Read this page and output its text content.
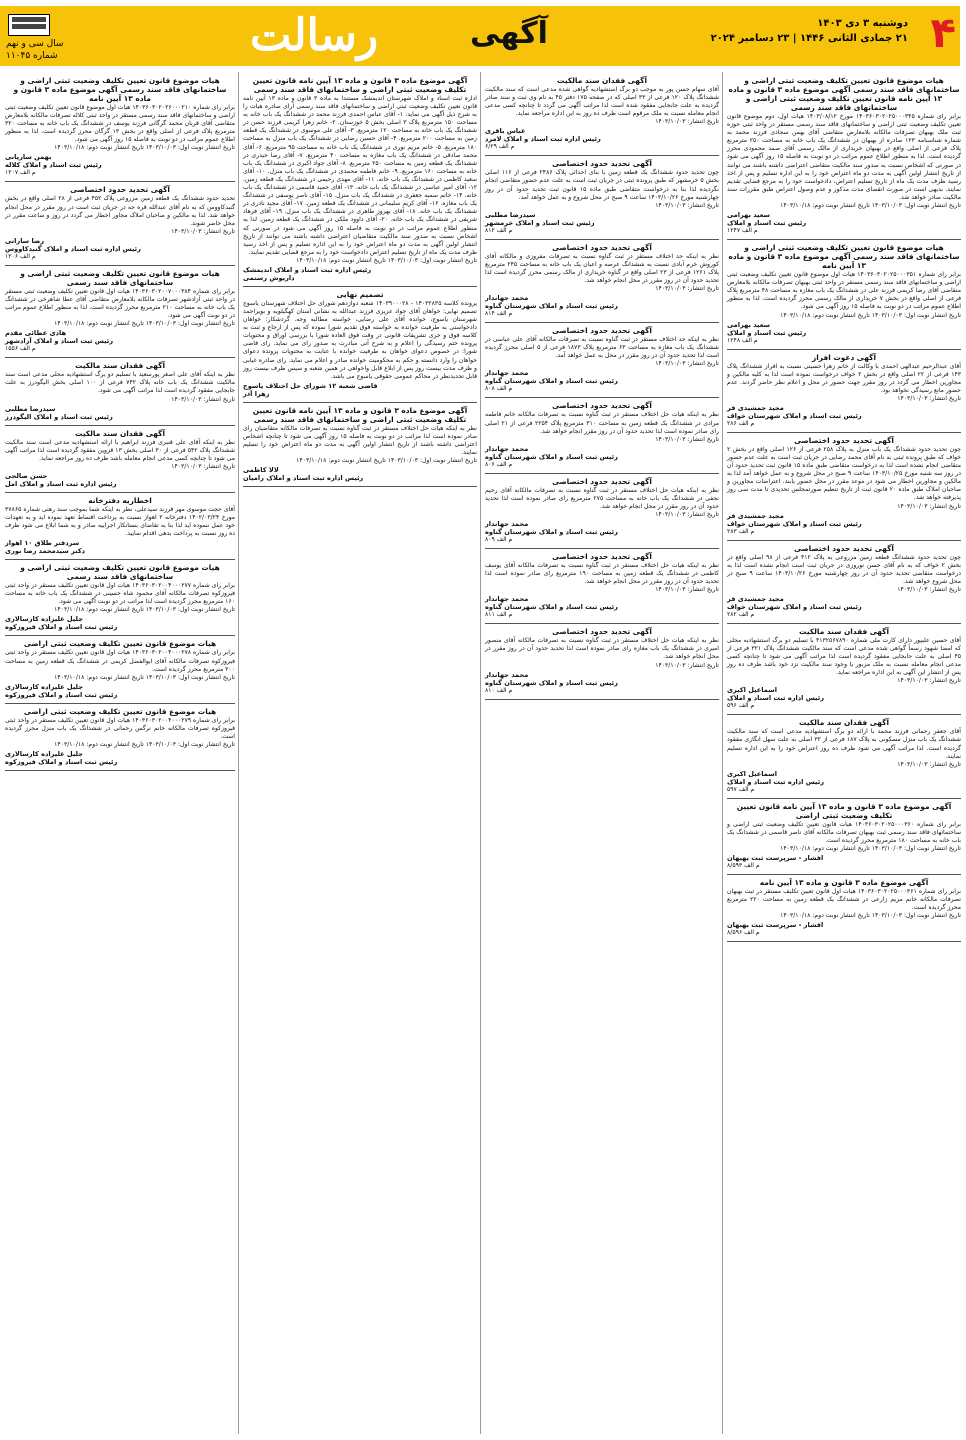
۴
دوشنبه ۳ دی ۱۴۰۳
۲۱ جمادی الثانی ۱۴۴۶ | ۲۳ دسامبر ۲۰۲۴
آگهی
رسالت
سال سی و نهم
شماره ۱۱۰۴۵
هیات موضوع قانون تعیین تکلیف وضعیت ثبتی اراضی و ساختمانهای فاقد سند رسمی آگهی موضوع ماده ۳ قانون و ماده ۱۳ آیین نامه قانون تعیین تکلیف وضعیت ثبتی اراضی و ساختمانهای فاقد سند رسمی
برابر رای شماره ۱۴۰۳۶۰۳۰۲۰۲۵۰۰۰۳۴۵ مورخ ۱۴۰۳/۰۸/۱۲ هیات اول، دوم موضوع قانون تعیین تکلیف وضعیت ثبتی اراضی و ساختمانهای فاقد سند رسمی مستقر در واحد ثبتی حوزه ثبت ملک بهبهان تصرفات مالکانه بلامعارض متقاضی آقای بهمن سجادی فرزند محمد به شماره شناسنامه ۱۲۳ صادره از بهبهان در ششدانگ یک باب خانه به مساحت ۲۵۰ مترمربع پلاک فرعی از اصلی واقع در بهبهان خریداری از مالک رسمی آقای صمد محمودی محرز گردیده است. لذا به منظور اطلاع عموم مراتب در دو نوبت به فاصله ۱۵ روز آگهی می شود در صورتی که اشخاص نسبت به صدور سند مالکیت متقاضی اعتراضی داشته باشند می توانند از تاریخ انتشار اولین آگهی به مدت دو ماه اعتراض خود را به این اداره تسلیم و پس از اخذ رسید ظرف مدت یک ماه از تاریخ تسلیم اعتراض، دادخواست خود را به مرجع قضایی تقدیم نمایند. بدیهی است در صورت انقضای مدت مذکور و عدم وصول اعتراض طبق مقررات سند مالکیت صادر خواهد شد.
تاریخ انتشار نوبت اول: ۱۴۰۳/۱۰/۰۳ تاریخ انتشار نوبت دوم: ۱۴۰۳/۱۰/۱۸
سعید بهرامی
رئیس ثبت اسناد و املاک
م الف ۱۲۴۷
هیات موضوع قانون تعیین تکلیف وضعیت ثبتی اراضی و ساختمانهای فاقد سند رسمی آگهی موضوع ماده ۳ قانون و ماده ۱۳ آیین نامه
برابر رای شماره ۱۴۰۳۶۰۳۰۲۰۲۵۰۰۰۳۵۱ هیات اول موضوع قانون تعیین تکلیف وضعیت ثبتی اراضی و ساختمانهای فاقد سند رسمی مستقر در واحد ثبتی بهبهان تصرفات مالکانه بلامعارض متقاضی آقای رضا کریمی فرزند علی در ششدانگ یک باب مغازه به مساحت ۴۸ مترمربع پلاک فرعی از اصلی واقع در بخش ۷ خریداری از مالک رسمی محرز گردیده است. لذا به منظور اطلاع عموم مراتب در دو نوبت به فاصله ۱۵ روز آگهی می شود.
تاریخ انتشار نوبت اول: ۱۴۰۳/۱۰/۰۳ تاریخ انتشار نوبت دوم: ۱۴۰۳/۱۰/۱۸
سعید بهرامی
رئیس ثبت اسناد و املاک
م الف ۱۲۴۸
آگهی دعوت افراز
آقای عبدالرحیم عبدالهی احمدی با وکالت از خانم زهرا حسینی نسبت به افراز ششدانگ پلاک ۱۴۳ فرعی از ۲۲ اصلی واقع در بخش ۲ خواف درخواست نموده است لذا به کلیه مالکین و مجاورین اخطار می گردد در روز مقرر جهت حضور در محل و اعلام نظر حاضر گردند. عدم حضور مانع رسیدگی نخواهد بود.
تاریخ انتشار: ۱۴۰۳/۱۰/۰۳
مجید جمشیدی فر
رئیس ثبت اسناد و املاک شهرستان خواف
م الف ۲۸۶
آگهی تحدید حدود اختصاصی
چون تحدید حدود ششدانگ یک باب منزل به پلاک ۲۵۸ فرعی از ۱۲۶ اصلی واقع در بخش ۲ خواف که طبق پرونده ثبتی به نام آقای محمد رضایی در جریان ثبت است به علت عدم حضور متقاضی انجام نشده است لذا به درخواست متقاضی طبق ماده ۱۵ قانون ثبت تحدید حدود آن در روز سه شنبه مورخ ۱۴۰۳/۱۰/۲۵ ساعت ۹ صبح در محل شروع و به عمل خواهد آمد لذا به مالکین و مجاورین اخطار می شود در موعد مقرر در محل حضور یابند. اعتراضات مجاورین و صاحبان املاک طبق ماده ۲۰ قانون ثبت از تاریخ تنظیم صورتمجلس تحدیدی تا مدت سی روز پذیرفته خواهد شد.
تاریخ انتشار: ۱۴۰۳/۱۰/۰۳
مجید جمشیدی فر
رئیس ثبت اسناد و املاک شهرستان خواف
م الف ۲۸۳
آگهی تحدید حدود اختصاصی
چون تحدید حدود ششدانگ قطعه زمین مزروعی به پلاک ۴۱۲ فرعی از ۹۸ اصلی واقع در بخش ۲ خواف که به نام آقای حسن نوروزی در جریان ثبت است انجام نشده است لذا به درخواست متقاضی تحدید حدود آن در روز چهارشنبه مورخ ۱۴۰۳/۱۰/۲۶ ساعت ۹ صبح در محل شروع خواهد شد.
تاریخ انتشار: ۱۴۰۳/۱۰/۰۳
مجید جمشیدی فر
رئیس ثبت اسناد و املاک شهرستان خواف
م الف ۲۸۲
آگهی فقدان سند مالکیت
آقای حسین علیپور دارای کارت ملی شماره ۴۱۳۲۵۶۷۸۹۰ با تسلیم دو برگ استشهادیه محلی که امضا شهود رسماً گواهی شده مدعی است که سند مالکیت ششدانگ پلاک ۳۲۱ فرعی از ۴۵ اصلی به علت جابجایی مفقود گردیده است لذا مراتب آگهی می شود تا چنانچه کسی مدعی انجام معامله نسبت به ملک مزبور یا وجود سند مالکیت نزد خود باشد ظرف ده روز پس از انتشار این آگهی به این اداره مراجعه نماید.
تاریخ انتشار: ۱۴۰۳/۱۰/۰۳
اسماعیل اکبری
رئیس اداره ثبت اسناد و املاک
م الف ۵۹۶
آگهی فقدان سند مالکیت
آقای جعفر رحمانی فرزند محمد با ارائه دو برگ استشهادیه مدعی است که سند مالکیت ششدانگ یک باب منزل مسکونی به پلاک ۱۸۷ فرعی از ۳۲ اصلی به علت سهل انگاری مفقود گردیده است. لذا مراتب آگهی می شود ظرف ده روز اعتراض خود را به این اداره تسلیم نمایند.
تاریخ انتشار: ۱۴۰۳/۱۰/۰۳
اسماعیل اکبری
رئیس اداره ثبت اسناد و املاک
م الف ۵۹۷
آگهی موضوع ماده ۳ قانون و ماده ۱۳ آیین نامه قانون تعیین تکلیف وضعیت ثبتی اراضی
برابر رای شماره ۱۴۰۳۶۰۳۰۲۰۲۵۰۰۰۳۶۰ هیات قانون تعیین تکلیف وضعیت ثبتی اراضی و ساختمانهای فاقد سند رسمی ثبت بهبهان تصرفات مالکانه آقای ناصر قاسمی در ششدانگ یک باب خانه به مساحت ۱۸۰ مترمربع محرز گردیده است.
تاریخ انتشار نوبت اول: ۱۴۰۳/۱۰/۰۳ تاریخ انتشار نوبت دوم: ۱۴۰۳/۱۰/۱۸
افشار - سرپرست ثبت بهبهان
م الف ۸/۵۹۳
آگهی موضوع ماده ۳ قانون و ماده ۱۳ آیین نامه
برابر رای شماره ۱۴۰۳۶۰۳۰۲۰۲۵۰۰۰۳۶۱ هیات اول قانون تعیین تکلیف مستقر در ثبت بهبهان تصرفات مالکانه خانم مریم زارعی در ششدانگ یک قطعه زمین به مساحت ۲۲۰ مترمربع محرز گردیده است.
تاریخ انتشار نوبت اول: ۱۴۰۳/۱۰/۰۳ تاریخ انتشار نوبت دوم: ۱۴۰۳/۱۰/۱۸
افشار - سرپرست ثبت بهبهان
م الف ۸/۵۹۶
آگهی فقدان سند مالکیت
آقای سهام حسن پور به موجب دو برگ استشهادیه گواهی شده مدعی است که سند مالکیت ششدانگ پلاک ۱۲۰ فرعی از ۳۳ اصلی که در صفحه ۱۷۵ دفتر ۴۵ به نام وی ثبت و سند صادر گردیده به علت جابجایی مفقود شده است لذا مراتب آگهی می گردد تا چنانچه کسی مدعی انجام معامله نسبت به ملک مرقوم است ظرف ده روز به این اداره مراجعه نماید.
تاریخ انتشار: ۱۴۰۳/۱۰/۰۳
عباس باقری
رئیس اداره ثبت اسناد و املاک لامرد
م الف ۶/۲۹
آگهی تحدید حدود اختصاصی
چون تحدید حدود ششدانگ یک قطعه زمین با بنای احداثی پلاک ۲۴۸۶ فرعی از ۱۱۶ اصلی بخش ۵ خرمشهر که طبق پرونده ثبتی در جریان ثبت است به علت عدم حضور متقاضی انجام نگردیده لذا بنا به درخواست متقاضی طبق ماده ۱۵ قانون ثبت تحدید حدود آن در روز چهارشنبه مورخ ۱۴۰۳/۱۰/۲۶ ساعت ۹ صبح در محل شروع و به عمل خواهد آمد.
تاریخ انتشار: ۱۴۰۳/۱۰/۰۳
سیدرضا مطلبی
رئیس ثبت اسناد و املاک خرمشهر
م الف ۸۱۲
آگهی تحدید حدود اختصاصی
نظر به اینکه حد اختلاف مستقر در ثبت گناوه نسبت به تصرفات مفروزی و مالکانه آقای کوروش خرم آبادی نسبت به ششدانگ عرصه و اعیان یک باب خانه به مساحت ۲۴۵ مترمربع پلاک ۱۲۶۱ فرعی از ۲۳ اصلی واقع در گناوه خریداری از مالک رسمی محرز گردیده است لذا تحدید حدود آن در روز مقرر در محل انجام خواهد شد.
تاریخ انتشار: ۱۴۰۳/۱۰/۰۳
محمد جهاندار
رئیس ثبت اسناد و املاک شهرستان گناوه
م الف ۸۱۴
آگهی تحدید حدود اختصاصی
نظر به اینکه حد اختلاف مستقر در ثبت گناوه نسبت به تصرفات مالکانه آقای علی عباسی در ششدانگ یک باب مغازه به مساحت ۶۳ مترمربع پلاک ۱۸۷۳ فرعی از ۵ اصلی محرز گردیده است لذا تحدید حدود آن در روز مقرر در محل به عمل خواهد آمد.
تاریخ انتشار: ۱۴۰۳/۱۰/۰۳
محمد جهاندار
رئیس ثبت اسناد و املاک شهرستان گناوه
م الف ۸۰۸
آگهی تحدید حدود اختصاصی
نظر به اینکه هیات حل اختلاف مستقر در ثبت گناوه نسبت به تصرفات مالکانه خانم فاطمه مرادی در ششدانگ یک قطعه زمین به مساحت ۳۱۰ مترمربع پلاک ۲۲۵۴ فرعی از ۲۱ اصلی رای صادر نموده است لذا تحدید حدود آن در روز مقرر انجام خواهد شد.
تاریخ انتشار: ۱۴۰۳/۱۰/۰۳
محمد جهاندار
رئیس ثبت اسناد و املاک شهرستان گناوه
م الف ۸۰۶
آگهی تحدید حدود اختصاصی
نظر به اینکه هیات حل اختلاف مستقر در ثبت گناوه نسبت به تصرفات مالکانه آقای رحیم نجفی در ششدانگ یک باب خانه به مساحت ۲۷۵ مترمربع رای صادر نموده است لذا تحدید حدود آن در روز مقرر در محل انجام خواهد شد.
تاریخ انتشار: ۱۴۰۳/۱۰/۰۳
محمد جهاندار
رئیس ثبت اسناد و املاک شهرستان گناوه
م الف ۸۰۹
آگهی تحدید حدود اختصاصی
نظر به اینکه هیات حل اختلاف مستقر در ثبت گناوه نسبت به تصرفات مالکانه آقای یوسف کاظمی در ششدانگ یک قطعه زمین به مساحت ۱۹۰ مترمربع رای صادر نموده است لذا تحدید حدود آن در روز مقرر در محل انجام خواهد شد.
تاریخ انتشار: ۱۴۰۳/۱۰/۰۳
محمد جهاندار
رئیس ثبت اسناد و املاک شهرستان گناوه
م الف ۸۱۱
آگهی تحدید حدود اختصاصی
نظر به اینکه هیات حل اختلاف مستقر در ثبت گناوه نسبت به تصرفات مالکانه آقای منصور امیری در ششدانگ یک باب مغازه رای صادر نموده است لذا تحدید حدود آن در روز مقرر در محل انجام خواهد شد.
تاریخ انتشار: ۱۴۰۳/۱۰/۰۳
محمد جهاندار
رئیس ثبت اسناد و املاک شهرستان گناوه
م الف ۸۱۰
آگهی موضوع ماده ۳ قانون و ماده ۱۳ آیین نامه قانون تعیین تکلیف وضعیت ثبتی اراضی و ساختمانهای فاقد سند رسمی
اداره ثبت اسناد و املاک شهرستان اندیمشک مستندا به ماده ۳ قانون و ماده ۱۳ آیین نامه قانون تعیین تکلیف وضعیت ثبتی اراضی و ساختمانهای فاقد سند رسمی آرای صادره هیات را به شرح ذیل آگهی می نماید: ۱- آقای عباس احمدی فرزند محمد در ششدانگ یک باب خانه به مساحت ۱۵۰ مترمربع پلاک ۳ اصلی بخش ۵ خوزستان. ۲- خانم زهرا کریمی فرزند حسن در ششدانگ یک باب خانه به مساحت ۱۲۰ مترمربع. ۳- آقای علی موسوی در ششدانگ یک قطعه زمین به مساحت ۲۰۰ مترمربع. ۴- آقای حسین رضایی در ششدانگ یک باب منزل به مساحت ۱۸۰ مترمربع. ۵- خانم مریم نوری در ششدانگ یک باب خانه به مساحت ۹۵ مترمربع. ۶- آقای محمد صادقی در ششدانگ یک باب مغازه به مساحت ۴۰ مترمربع. ۷- آقای رضا حیدری در ششدانگ یک قطعه زمین به مساحت ۲۵۰ مترمربع. ۸- آقای جواد اکبری در ششدانگ یک باب خانه به مساحت ۱۶۰ مترمربع. ۹- خانم فاطمه محمدی در ششدانگ یک باب منزل. ۱۰- آقای سعید کاظمی در ششدانگ یک باب خانه. ۱۱- آقای مهدی رحیمی در ششدانگ یک قطعه زمین. ۱۲- آقای امیر عباسی در ششدانگ یک باب خانه. ۱۳- آقای حمید قاسمی در ششدانگ یک باب خانه. ۱۴- خانم سمیه جعفری در ششدانگ یک باب منزل. ۱۵- آقای ناصر یوسفی در ششدانگ یک باب مغازه. ۱۶- آقای کریم سلیمانی در ششدانگ یک قطعه زمین. ۱۷- آقای مجید نادری در ششدانگ یک باب خانه. ۱۸- آقای بهروز طاهری در ششدانگ یک باب منزل. ۱۹- آقای فرهاد شریفی در ششدانگ یک باب خانه. ۲۰- آقای داوود ملکی در ششدانگ یک قطعه زمین. لذا به منظور اطلاع عموم مراتب در دو نوبت به فاصله ۱۵ روز آگهی می شود در صورتی که اشخاص نسبت به صدور سند مالکیت متقاضیان اعتراضی داشته باشند می توانند از تاریخ انتشار اولین آگهی به مدت دو ماه اعتراض خود را به این اداره تسلیم و پس از اخذ رسید ظرف مدت یک ماه از تاریخ تسلیم اعتراض دادخواست خود را به مرجع قضایی تقدیم نمایند.
تاریخ انتشار نوبت اول: ۱۴۰۳/۱۰/۰۳ تاریخ انتشار نوبت دوم: ۱۴۰۳/۱۰/۱۸
رئیس اداره ثبت اسناد و املاک اندیمشک
داریوش رستمی
تصمیم نهایی
پرونده کلاسه ۱۴۰۳۲۸۳۵ - ۱۴۰۳۹۰۰۰۲۸ شعبه دوازدهم شورای حل اختلاف شهرستان یاسوج تصمیم نهایی: خواهان آقای جواد عزیزی فرزند عبدالله به نشانی استان کهگیلویه و بویراحمد شهرستان یاسوج، خوانده آقای علی رضایی، خواسته مطالبه وجه. گردشکار: خواهان دادخواستی به طرفیت خوانده به خواسته فوق تقدیم شورا نموده که پس از ارجاع و ثبت به کلاسه فوق و جری تشریفات قانونی در وقت فوق العاده شورا با بررسی اوراق و محتویات پرونده ختم رسیدگی را اعلام و به شرح آتی مبادرت به صدور رای می نماید. رای قاضی شورا: در خصوص دعوای خواهان به طرفیت خوانده با عنایت به محتویات پرونده دعوای خواهان را وارد دانسته و حکم به محکومیت خوانده صادر و اعلام می نماید. رای صادره غیابی و ظرف مدت بیست روز پس از ابلاغ قابل واخواهی در همین شعبه و سپس ظرف بیست روز قابل تجدیدنظر در محاکم عمومی حقوقی یاسوج می باشد.
قاضی شعبه ۱۲ شورای حل اختلاف یاسوج
زهرا آذر
آگهی موضوع ماده ۳ قانون و ماده ۱۳ آیین نامه قانون تعیین تکلیف وضعیت ثبتی اراضی و ساختمانهای فاقد سند رسمی
نظر به اینکه هیات حل اختلاف مستقر در ثبت گناوه نسبت به تصرفات مالکانه متقاضیان رای صادر نموده است لذا مراتب در دو نوبت به فاصله ۱۵ روز آگهی می شود تا چنانچه اشخاص اعتراضی داشته باشند از تاریخ انتشار اولین آگهی به مدت دو ماه اعتراض خود را تسلیم نمایند.
تاریخ انتشار نوبت اول: ۱۴۰۳/۱۰/۰۳ تاریخ انتشار نوبت دوم: ۱۴۰۳/۱۰/۱۸
لالا کاظمی
رئیس اداره ثبت اسناد و املاک رامیان
هیات موضوع قانون تعیین تکلیف وضعیت ثبتی اراضی و ساختمانهای فاقد سند رسمی آگهی موضوع ماده ۳ قانون و ماده ۱۳ آیین نامه
برابر رای شماره ۱۴۰۳۶۰۳۰۲۰۲۶۰۰۰۲۱۰ هیات اول موضوع قانون تعیین تکلیف وضعیت ثبتی اراضی و ساختمانهای فاقد سند رسمی مستقر در واحد ثبتی کلاله تصرفات مالکانه بلامعارض متقاضی آقای قربان محمد گرگانی فرزند یوسف در ششدانگ یک باب خانه به مساحت ۳۲۰ مترمربع پلاک فرعی از اصلی واقع در بخش ۱۳ گرگان محرز گردیده است. لذا به منظور اطلاع عموم مراتب در دو نوبت به فاصله ۱۵ روز آگهی می شود.
تاریخ انتشار نوبت اول: ۱۴۰۳/۱۰/۰۳ تاریخ انتشار نوبت دوم: ۱۴۰۳/۱۰/۱۸
بهمن ساریانی
رئیس ثبت اسناد و املاک کلاله
م الف ۱۲۰۷
آگهی تحدید حدود اختصاصی
تحدید حدود ششدانگ یک قطعه زمین مزروعی پلاک ۴۵۲ فرعی از ۲۸ اصلی واقع در بخش گنبدکاووس که به نام آقای عبدالله قره جه در جریان ثبت است در روز مقرر در محل انجام خواهد شد. لذا به مالکین و صاحبان املاک مجاور اخطار می گردد در روز و ساعت مقرر در محل حاضر شوند.
تاریخ انتشار: ۱۴۰۳/۱۰/۰۳
رضا سارانی
رئیس اداره ثبت اسناد و املاک گنبدکاووس
م الف ۱۲۰۶
هیات موضوع قانون تعیین تکلیف وضعیت ثبتی اراضی و ساختمانهای فاقد سند رسمی
برابر رای شماره ۱۴۰۳۶۰۳۰۲۰۰۷۰۰۰۳۸۴ هیات اول قانون تعیین تکلیف وضعیت ثبتی مستقر در واحد ثبتی آزادشهر تصرفات مالکانه بلامعارض متقاضی آقای عطا شاهرخی در ششدانگ یک باب خانه به مساحت ۲۱۰ مترمربع محرز گردیده است. لذا به منظور اطلاع عموم مراتب در دو نوبت آگهی می شود.
تاریخ انتشار نوبت اول: ۱۴۰۳/۱۰/۰۳ تاریخ انتشار نوبت دوم: ۱۴۰۳/۱۰/۱۸
هادی عطائی مقدم
رئیس ثبت اسناد و املاک آزادشهر
م الف ۱۵۵۶
آگهی فقدان سند مالکیت
نظر به اینکه آقای علی اصغر پورسعید با تسلیم دو برگ استشهادیه محلی مدعی است سند مالکیت ششدانگ یک باب خانه پلاک ۷۴۲ فرعی از ۱۰۰ اصلی بخش الیگودرز به علت جابجایی مفقود گردیده است لذا مراتب آگهی می شود.
تاریخ انتشار: ۱۴۰۳/۱۰/۰۳
سیدرضا مطلبی
رئیس ثبت اسناد و املاک الیگودرز
آگهی فقدان سند مالکیت
نظر به اینکه آقای علی قنبری فرزند ابراهیم با ارائه استشهادیه مدعی است سند مالکیت ششدانگ پلاک ۵۴۲ فرعی از ۳۰ اصلی بخش ۱۳ قزوین مفقود گردیده است لذا مراتب آگهی می شود تا چنانچه کسی مدعی انجام معامله باشد ظرف ده روز مراجعه نماید.
تاریخ انتشار: ۱۴۰۳/۱۰/۰۳
حسن صالحی
رئیس اداره ثبت اسناد و املاک امل
اخطاریه دفترخانه
آقای حجت موسوی مهر فرزند سیدعلی، نظر به اینکه شما بموجب سند رهنی شماره ۳۷۸۶۵ مورخ ۱۴۰۲/۰۳/۲۴ دفترخانه ۲ اهواز نسبت به پرداخت اقساط تعهد نموده اید و به تعهدات خود عمل ننموده اید لذا بنا به تقاضای بستانکار اجراییه صادر و به شما ابلاغ می شود ظرف ده روز نسبت به پرداخت بدهی اقدام نمایید.
سردفتر طلاق ۱۰ اهواز
دکتر سیدمحمد رضا نوری
هیات موضوع قانون تعیین تکلیف وضعیت ثبتی اراضی و ساختمانهای فاقد سند رسمی
برابر رای شماره ۱۴۰۳۶۰۳۰۲۰۰۴۰۰۰۲۷۷ هیات اول قانون تعیین تکلیف مستقر در واحد ثبتی فیروزکوه تصرفات مالکانه آقای محمود شاه حسینی در ششدانگ یک باب خانه به مساحت ۱۶۰ مترمربع محرز گردیده است لذا مراتب در دو نوبت آگهی می شود.
تاریخ انتشار نوبت اول: ۱۴۰۳/۱۰/۰۳ تاریخ انتشار نوبت دوم: ۱۴۰۳/۱۰/۱۸
جلیل علیزاده کارسالاری
رئیس ثبت اسناد و املاک فیروزکوه
هیات موضوع قانون تعیین تکلیف وضعیت ثبتی اراضی
برابر رای شماره ۱۴۰۳۶۰۳۰۲۰۰۴۰۰۰۲۷۸ هیات اول قانون تعیین تکلیف مستقر در واحد ثبتی فیروزکوه تصرفات مالکانه آقای ابوالفضل کریمی در ششدانگ یک قطعه زمین به مساحت ۳۰۰ مترمربع محرز گردیده است.
تاریخ انتشار نوبت اول: ۱۴۰۳/۱۰/۰۳ تاریخ انتشار نوبت دوم: ۱۴۰۳/۱۰/۱۸
جلیل علیزاده کارسالاری
رئیس ثبت اسناد و املاک فیروزکوه
هیات موضوع قانون تعیین تکلیف وضعیت ثبتی اراضی
برابر رای شماره ۱۴۰۳۶۰۳۰۲۰۰۴۰۰۰۲۷۹ هیات اول قانون تعیین تکلیف مستقر در واحد ثبتی فیروزکوه تصرفات مالکانه خانم نرگس رحمانی در ششدانگ یک باب منزل محرز گردیده است.
تاریخ انتشار نوبت اول: ۱۴۰۳/۱۰/۰۳ تاریخ انتشار نوبت دوم: ۱۴۰۳/۱۰/۱۸
جلیل علیزاده کارسالاری
رئیس ثبت اسناد و املاک فیروزکوه
